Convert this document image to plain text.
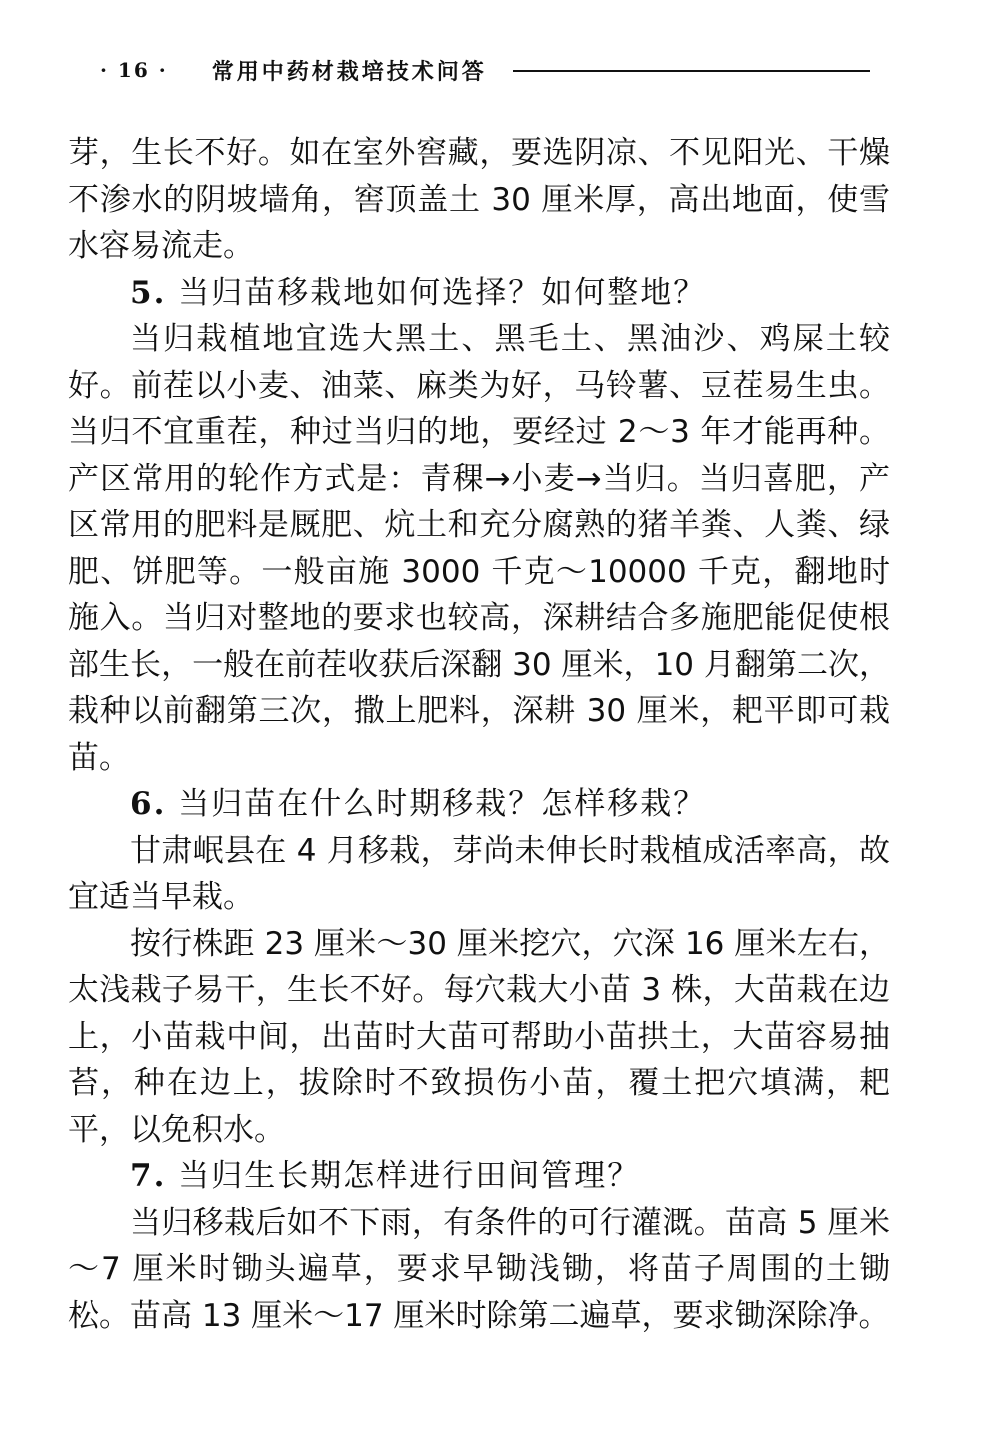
· 16 · 常用中药材栽培技术问答

芽，生长不好。如在室外窖藏，要选阴凉、不见阳光、干燥不渗水的阴坡墙角，窖顶盖土 30 厘米厚，高出地面，使雪水容易流走。

5. 当归苗移栽地如何选择？如何整地？

当归栽植地宜选大黑土、黑毛土、黑油沙、鸡屎土较好。前茬以小麦、油菜、麻类为好，马铃薯、豆茬易生虫。当归不宜重茬，种过当归的地，要经过 2～3 年才能再种。产区常用的轮作方式是：青稞→小麦→当归。当归喜肥，产区常用的肥料是厩肥、炕土和充分腐熟的猪羊粪、人粪、绿肥、饼肥等。一般亩施 3000 千克～10000 千克，翻地时施入。当归对整地的要求也较高，深耕结合多施肥能促使根部生长，一般在前茬收获后深翻 30 厘米，10 月翻第二次，栽种以前翻第三次，撒上肥料，深耕 30 厘米，耙平即可栽苗。

6. 当归苗在什么时期移栽？怎样移栽？

甘肃岷县在 4 月移栽，芽尚未伸长时栽植成活率高，故宜适当早栽。

按行株距 23 厘米～30 厘米挖穴，穴深 16 厘米左右，太浅栽子易干，生长不好。每穴栽大小苗 3 株，大苗栽在边上，小苗栽中间，出苗时大苗可帮助小苗拱土，大苗容易抽苔，种在边上，拔除时不致损伤小苗，覆土把穴填满，耙平，以免积水。

7. 当归生长期怎样进行田间管理？

当归移栽后如不下雨，有条件的可行灌溉。苗高 5 厘米～7 厘米时锄头遍草，要求早锄浅锄，将苗子周围的土锄松。苗高 13 厘米～17 厘米时除第二遍草，要求锄深除净。
